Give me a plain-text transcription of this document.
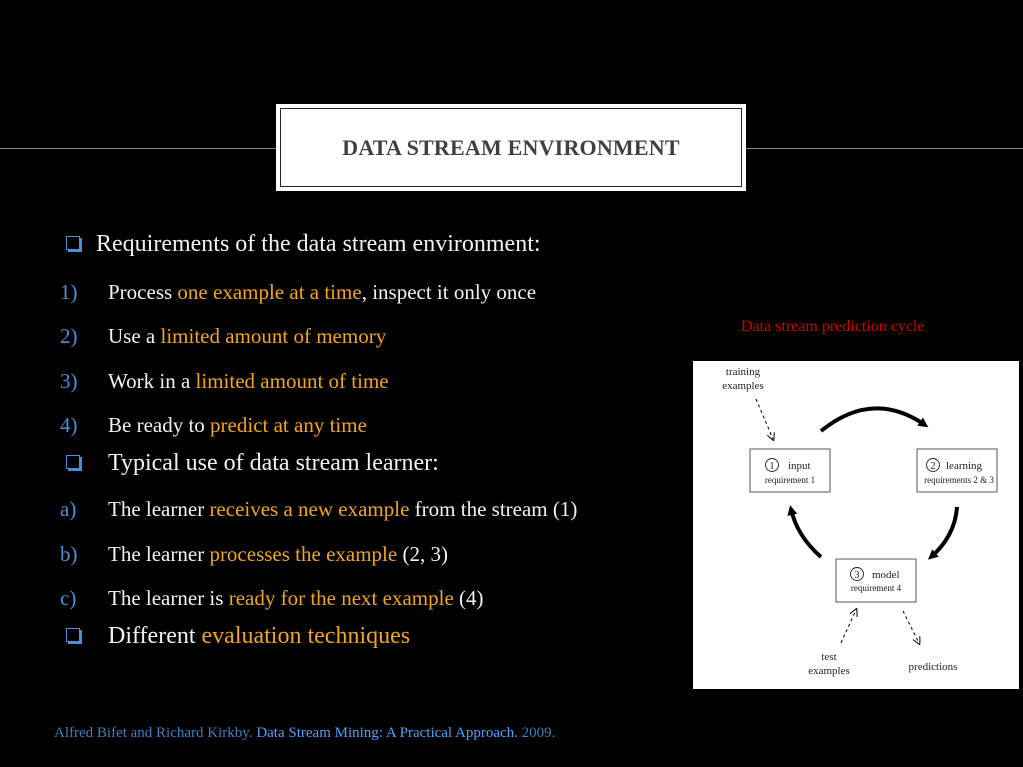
DATA STREAM ENVIRONMENT
Requirements of the data stream environment:
1) Process one example at a time, inspect it only once
2) Use a limited amount of memory
3) Work in a limited amount of time
4) Be ready to predict at any time
Typical use of data stream learner:
a) The learner receives a new example from the stream (1)
b) The learner processes the example (2, 3)
c) The learner is ready for the next example (4)
Different evaluation techniques
Data stream prediction cycle
training
examples
1 input
requirement 1
2 learning
requirements 2 & 3
3 model
requirement 4
test
examples	predictions
Alfred Bifet and Richard Kirkby. Data Stream Mining: A Practical Approach. 2009.
